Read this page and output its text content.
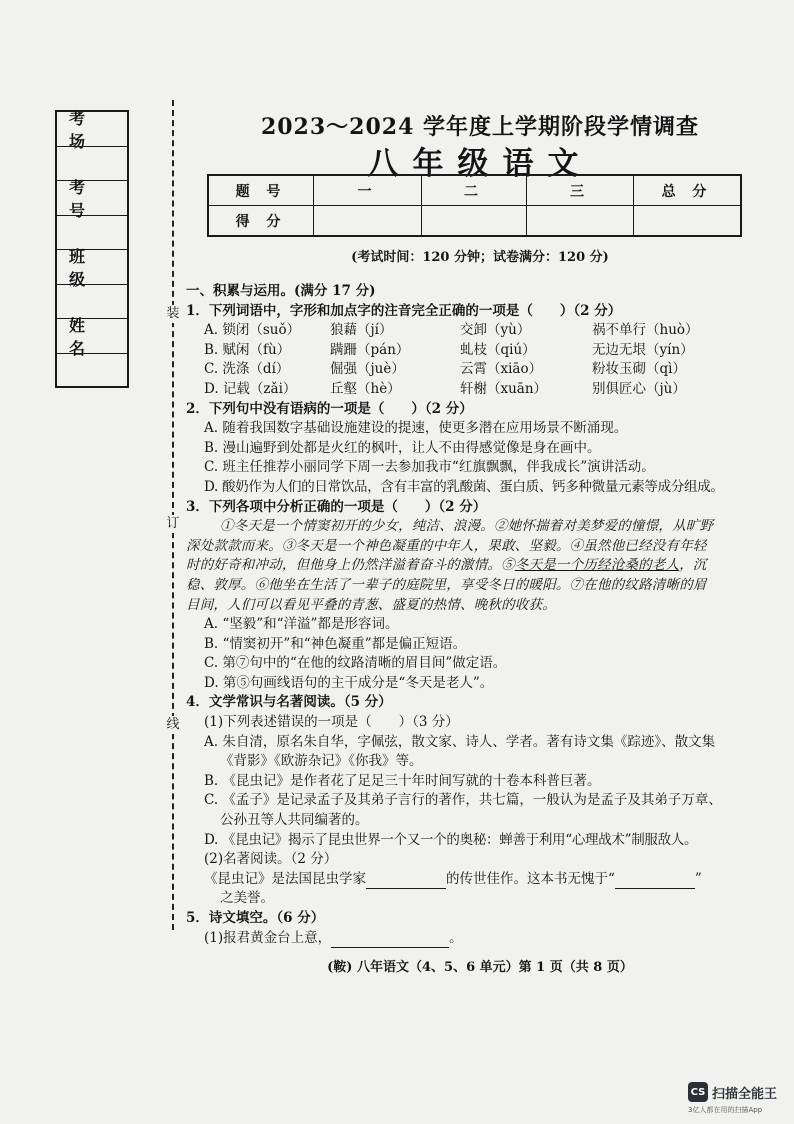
考 场
考 号
班 级
姓 名
装
订
线
2023～2024 学年度上学期阶段学情调查
八年级语文
题 号	一	二	三	总 分
得 分				
(考试时间：120 分钟；试卷满分：120 分)

一、积累与运用。(满分 17 分)

1．下列词语中，字形和加点字的注音完全正确的一项是（　　）（2 分）

A. 锁闭（suǒ）	狼藉（jí）	交卸（yù）	祸不单行（huò）

B. 赋闲（fù）	蹒跚（pán）	虬枝（qiú）	无边无垠（yín）

C. 洗涤（dí）	倔强（juè）	云霄（xiāo）	粉妆玉砌（qì）

D. 记载（zǎi）	丘壑（hè）	轩榭（xuān）	别俱匠心（jù）

2．下列句中没有语病的一项是（　　）（2 分）

A. 随着我国数字基础设施建设的提速，使更多潜在应用场景不断涌现。

B. 漫山遍野到处都是火红的枫叶，让人不由得感觉像是身在画中。

C. 班主任推荐小丽同学下周一去参加我市“红旗飘飘，伴我成长”演讲活动。

D. 酸奶作为人们的日常饮品，含有丰富的乳酸菌、蛋白质、钙多种微量元素等成分组成。

3．下列各项中分析正确的一项是（　　）（2 分）

①冬天是一个情窦初开的少女，纯洁、浪漫。②她怀揣着对美梦爱的憧憬，从旷野

深处款款而来。③冬天是一个神色凝重的中年人，果敢、坚毅。④虽然他已经没有年轻

时的好奇和冲动，但他身上仍然洋溢着奋斗的激情。⑤冬天是一个历经沧桑的老人，沉

稳、敦厚。⑥他坐在生活了一辈子的庭院里，享受冬日的暖阳。⑦在他的纹路清晰的眉

目间，人们可以看见平叠的青葱、盛夏的热情、晚秋的收获。

A. “坚毅”和“洋溢”都是形容词。

B. “情窦初开”和“神色凝重”都是偏正短语。

C. 第⑦句中的“在他的纹路清晰的眉目间”做定语。

D. 第⑤句画线语句的主干成分是“冬天是老人”。

4．文学常识与名著阅读。（5 分）

(1)下列表述错误的一项是（　　）（3 分）

A. 朱自清，原名朱自华，字佩弦，散文家、诗人、学者。著有诗文集《踪迹》、散文集

《背影》《欧游杂记》《你我》等。

B. 《昆虫记》是作者花了足足三十年时间写就的十卷本科普巨著。

C. 《孟子》是记录孟子及其弟子言行的著作，共七篇，一般认为是孟子及其弟子万章、

公孙丑等人共同编著的。

D. 《昆虫记》揭示了昆虫世界一个又一个的奥秘：蝉善于利用“心理战术”制服敌人。

(2)名著阅读。（2 分）

《昆虫记》是法国昆虫学家	的传世佳作。这本书无愧于“	”

之美誉。

5．诗文填空。（6 分）

(1)报君黄金台上意，	。

(鞍) 八年语文（4、5、6 单元）第 1 页（共 8 页）
CS 扫描全能王
3亿人都在用的扫描App
